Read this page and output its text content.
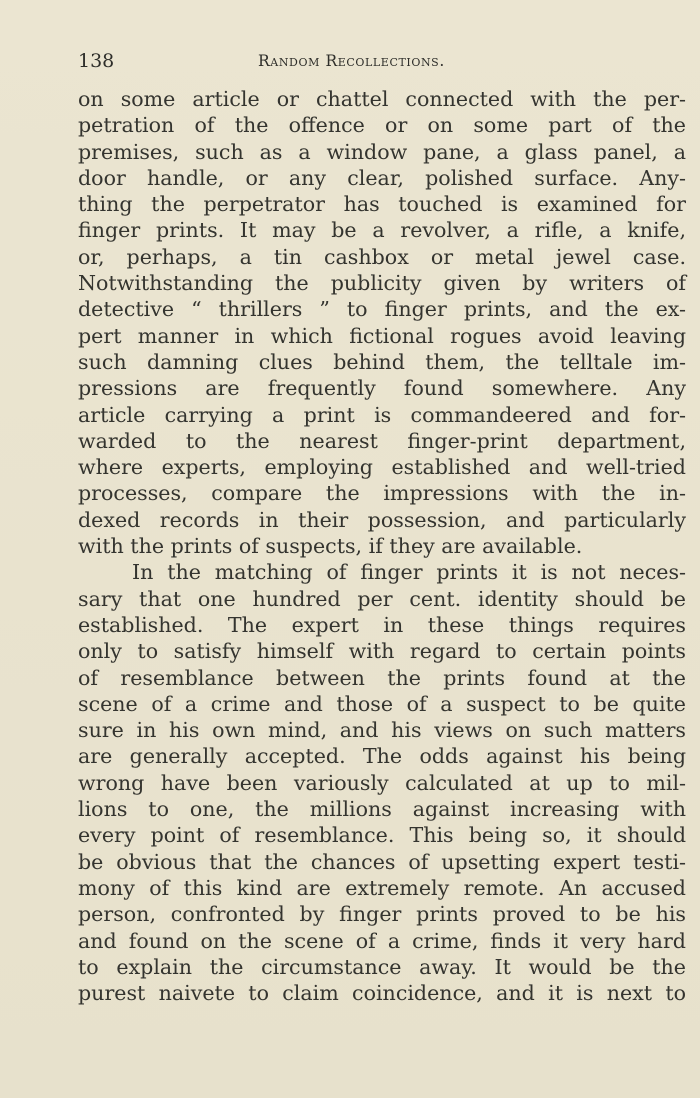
138	Random Recollections.
on some article or chattel connected with the per-
petration of the offence or on some part of the
premises, such as a window pane, a glass panel, a
door handle, or any clear, polished surface. Any-
thing the perpetrator has touched is examined for
finger prints. It may be a revolver, a rifle, a knife,
or, perhaps, a tin cashbox or metal jewel case.
Notwithstanding the publicity given by writers of
detective “ thrillers ” to finger prints, and the ex-
pert manner in which fictional rogues avoid leaving
such damning clues behind them, the telltale im-
pressions are frequently found somewhere. Any
article carrying a print is commandeered and for-
warded to the nearest finger-print department,
where experts, employing established and well-tried
processes, compare the impressions with the in-
dexed records in their possession, and particularly
with the prints of suspects, if they are available.
In the matching of finger prints it is not neces-
sary that one hundred per cent. identity should be
established. The expert in these things requires
only to satisfy himself with regard to certain points
of resemblance between the prints found at the
scene of a crime and those of a suspect to be quite
sure in his own mind, and his views on such matters
are generally accepted. The odds against his being
wrong have been variously calculated at up to mil-
lions to one, the millions against increasing with
every point of resemblance. This being so, it should
be obvious that the chances of upsetting expert testi-
mony of this kind are extremely remote. An accused
person, confronted by finger prints proved to be his
and found on the scene of a crime, finds it very hard
to explain the circumstance away. It would be the
purest naivete to claim coincidence, and it is next to
